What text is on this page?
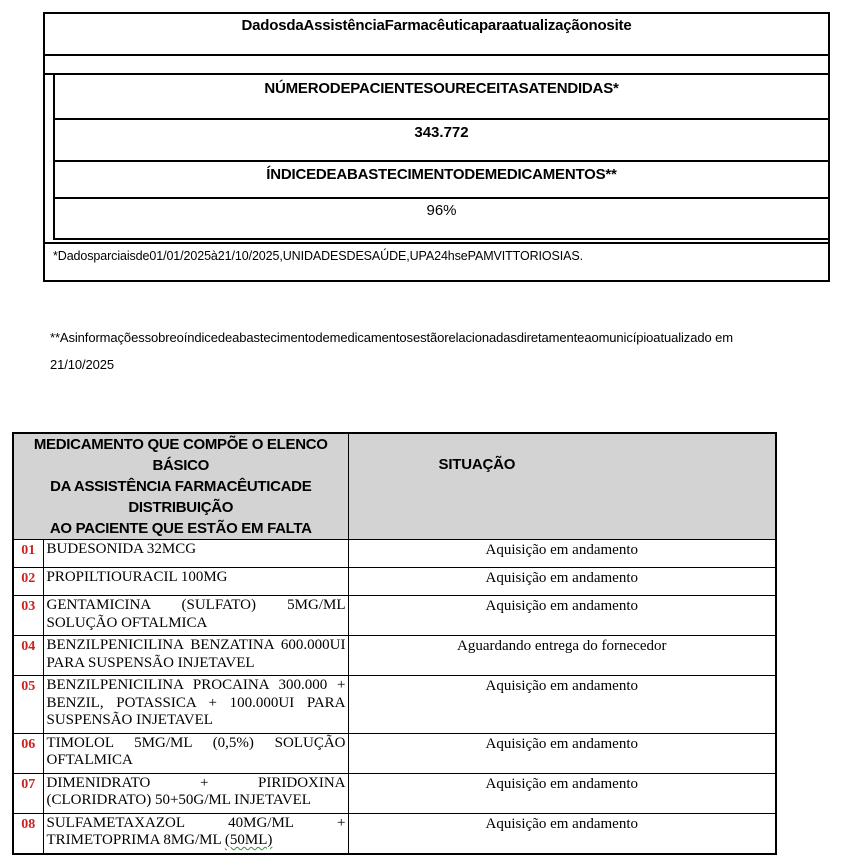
DadosdaAssistênciaFarmacêuticaparaatualizaçãonosite
NÚMERODEPACIENTESOURECEITASATENDIDAS*
343.772
ÍNDICEDEABASTECIMENTODEMEDICAMENTOS**
96%
*Dadosparciaisde01/01/2025à21/10/2025,UNIDADESDESAÚDE,UPA24hsePAMVITTORIOSIAS.
**Asinformaçõessobreoíndicedeabastecimentodemedicamentosestãorelacionadasdiretamenteaomunicípioatualizado em
21/10/2025
MEDICAMENTO QUE COMPÕE O ELENCO BÁSICO
DA ASSISTÊNCIA FARMACÊUTICADE DISTRIBUIÇÃO
AO PACIENTE QUE ESTÃO EM FALTA		SITUAÇÃO
01	BUDESONIDA 32MCG	Aquisição em andamento
02	PROPILTIOURACIL 100MG	Aquisição em andamento
03	GENTAMICINA (SULFATO) 5MG/ML SOLUÇÃO OFTALMICA	Aquisição em andamento
04	BENZILPENICILINA BENZATINA 600.000UI PARA SUSPENSÃO INJETAVEL	Aguardando entrega do fornecedor
05	BENZILPENICILINA PROCAINA 300.000 + BENZIL, POTASSICA + 100.000UI PARA SUSPENSÃO INJETAVEL	Aquisição em andamento
06	TIMOLOL 5MG/ML (0,5%) SOLUÇÃO OFTALMICA	Aquisição em andamento
07	DIMENIDRATO + PIRIDOXINA (CLORIDRATO) 50+50G/ML INJETAVEL	Aquisição em andamento
08	SULFAMETAXAZOL 40MG/ML + TRIMETOPRIMA 8MG/ML (50ML)	Aquisição em andamento
